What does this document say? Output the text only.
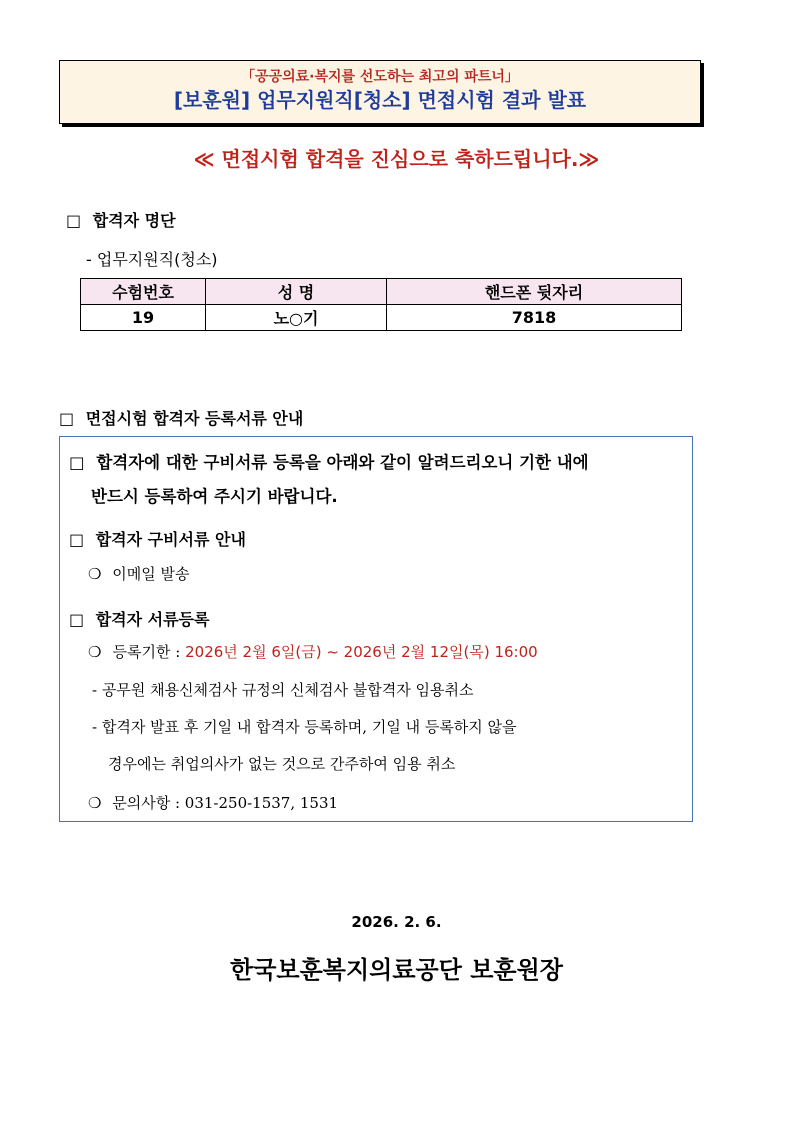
「공공의료·복지를 선도하는 최고의 파트너」
[보훈원] 업무지원직[청소] 면접시험 결과 발표
≪ 면접시험 합격을 진심으로 축하드립니다.≫
□ 합격자 명단
- 업무지원직(청소)
수험번호	성 명	핸드폰 뒷자리
19	노○기	7818
□ 면접시험 합격자 등록서류 안내
□ 합격자에 대한 구비서류 등록을 아래와 같이 알려드리오니 기한 내에
반드시 등록하여 주시기 바랍니다.
□ 합격자 구비서류 안내
❍ 이메일 발송
□ 합격자 서류등록
❍ 등록기한 : 2026년 2월 6일(금) ~ 2026년 2월 12일(목) 16:00
- 공무원 채용신체검사 규정의 신체검사 불합격자 임용취소
- 합격자 발표 후 기일 내 합격자 등록하며, 기일 내 등록하지 않을
경우에는 취업의사가 없는 것으로 간주하여 임용 취소
❍ 문의사항 : 031-250-1537, 1531
2026. 2. 6.
한국보훈복지의료공단 보훈원장
